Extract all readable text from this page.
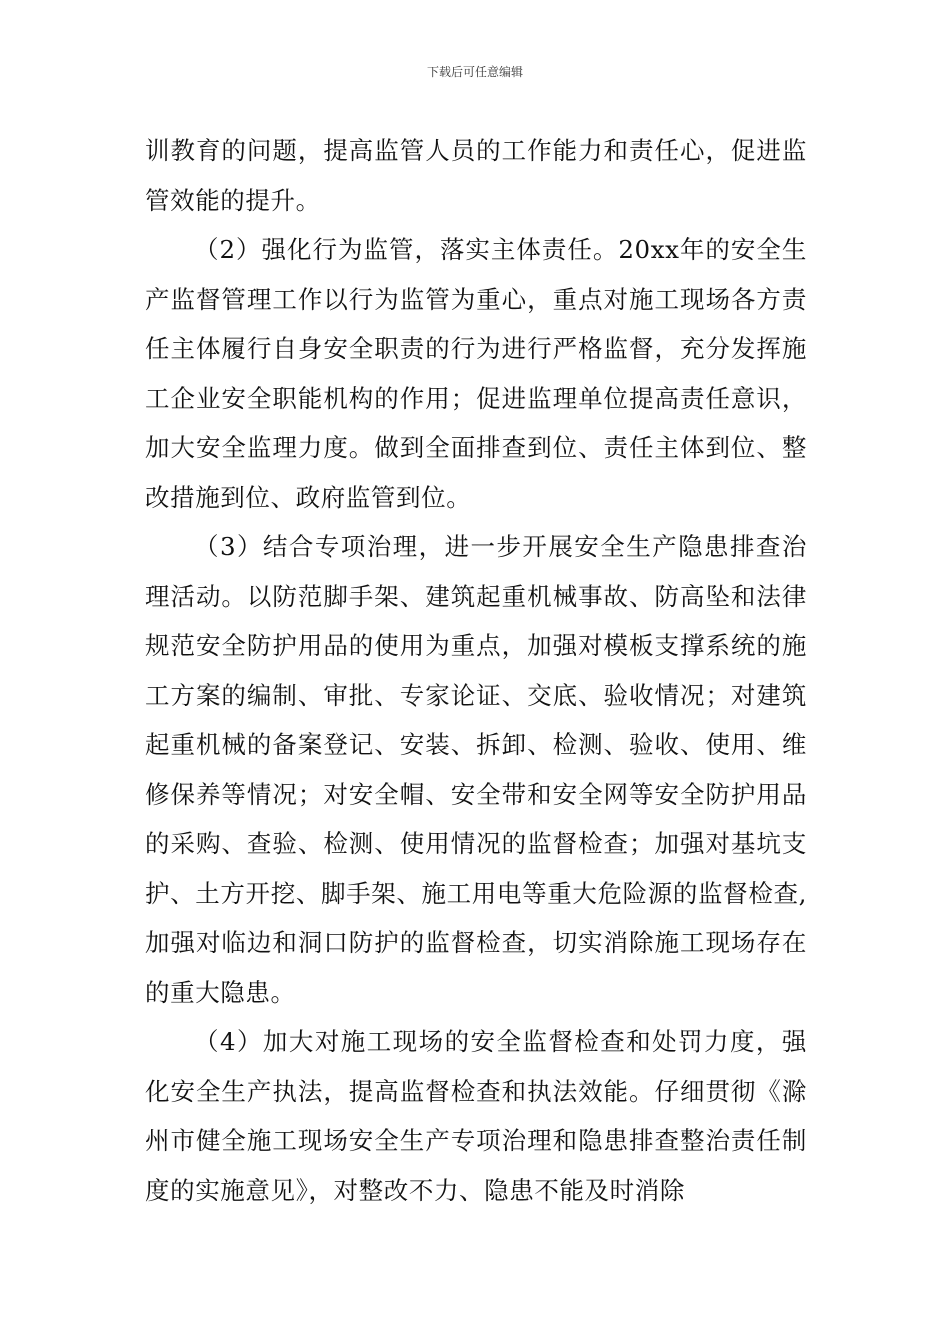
下载后可任意编辑

训教育的问题，提高监管人员的工作能力和责任心，促进监管效能的提升。

（2）强化行为监管，落实主体责任。20xx年的安全生产监督管理工作以行为监管为重心，重点对施工现场各方责任主体履行自身安全职责的行为进行严格监督，充分发挥施工企业安全职能机构的作用；促进监理单位提高责任意识，加大安全监理力度。做到全面排查到位、责任主体到位、整改措施到位、政府监管到位。

（3）结合专项治理，进一步开展安全生产隐患排查治理活动。以防范脚手架、建筑起重机械事故、防高坠和法律规范安全防护用品的使用为重点，加强对模板支撑系统的施工方案的编制、审批、专家论证、交底、验收情况；对建筑起重机械的备案登记、安装、拆卸、检测、验收、使用、维修保养等情况；对安全帽、安全带和安全网等安全防护用品的采购、查验、检测、使用情况的监督检查；加强对基坑支护、土方开挖、脚手架、施工用电等重大危险源的监督检查,加强对临边和洞口防护的监督检查，切实消除施工现场存在的重大隐患。

（4）加大对施工现场的安全监督检查和处罚力度，强化安全生产执法，提高监督检查和执法效能。仔细贯彻《滁州市健全施工现场安全生产专项治理和隐患排查整治责任制度的实施意见》，对整改不力、隐患不能及时消除
